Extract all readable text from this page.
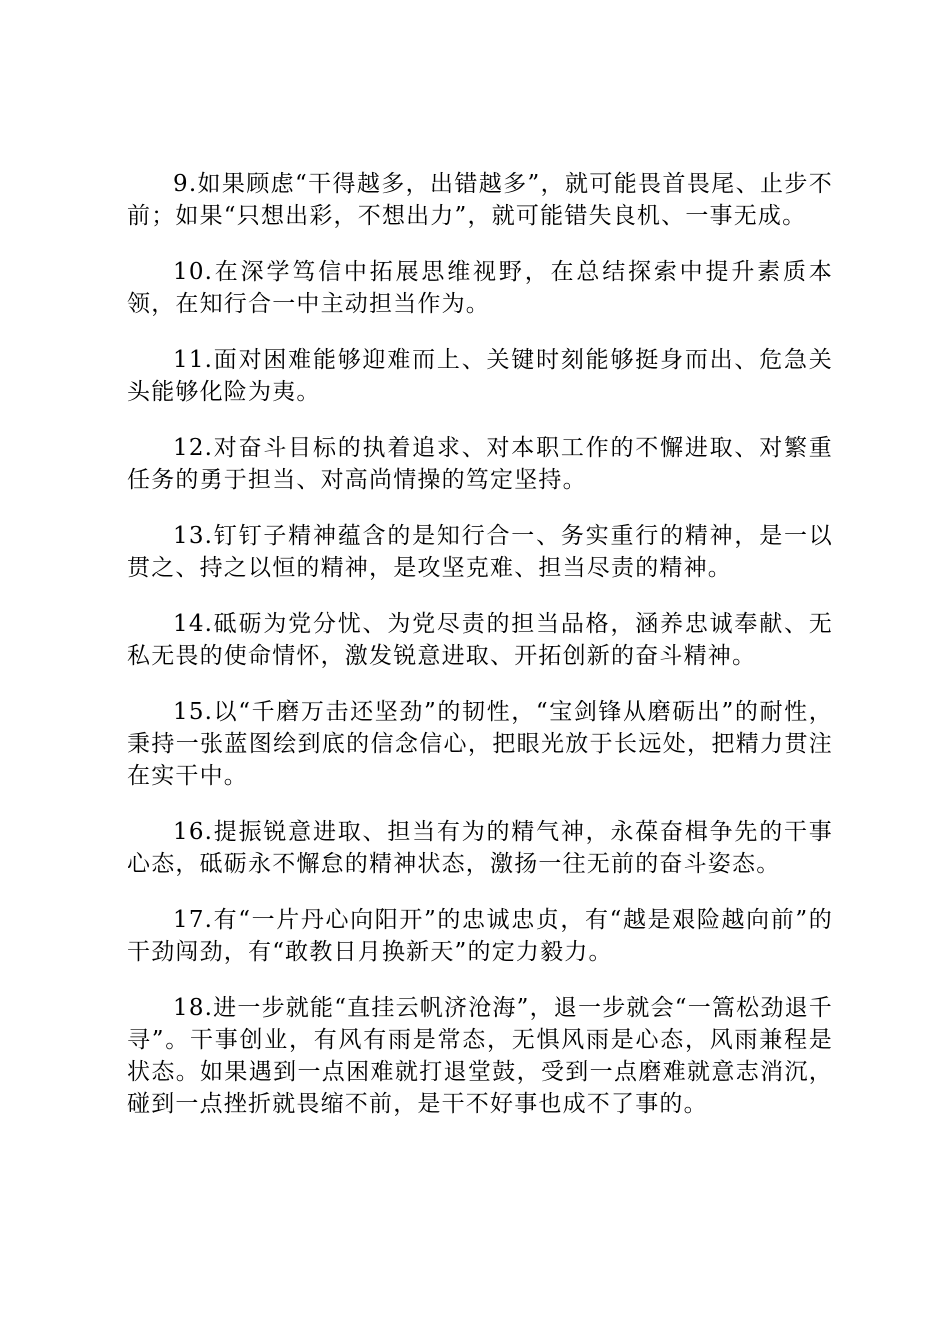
9.如果顾虑“干得越多，出错越多”，就可能畏首畏尾、止步不前；如果“只想出彩，不想出力”，就可能错失良机、一事无成。

10.在深学笃信中拓展思维视野，在总结探索中提升素质本领，在知行合一中主动担当作为。

11.面对困难能够迎难而上、关键时刻能够挺身而出、危急关头能够化险为夷。

12.对奋斗目标的执着追求、对本职工作的不懈进取、对繁重任务的勇于担当、对高尚情操的笃定坚持。

13.钉钉子精神蕴含的是知行合一、务实重行的精神，是一以贯之、持之以恒的精神，是攻坚克难、担当尽责的精神。

14.砥砺为党分忧、为党尽责的担当品格，涵养忠诚奉献、无私无畏的使命情怀，激发锐意进取、开拓创新的奋斗精神。

15.以“千磨万击还坚劲”的韧性，“宝剑锋从磨砺出”的耐性，秉持一张蓝图绘到底的信念信心，把眼光放于长远处，把精力贯注在实干中。

16.提振锐意进取、担当有为的精气神，永葆奋楫争先的干事心态，砥砺永不懈怠的精神状态，激扬一往无前的奋斗姿态。

17.有“一片丹心向阳开”的忠诚忠贞，有“越是艰险越向前”的干劲闯劲，有“敢教日月换新天”的定力毅力。

18.进一步就能“直挂云帆济沧海”，退一步就会“一篙松劲退千寻”。干事创业，有风有雨是常态，无惧风雨是心态，风雨兼程是状态。如果遇到一点困难就打退堂鼓，受到一点磨难就意志消沉，碰到一点挫折就畏缩不前，是干不好事也成不了事的。
